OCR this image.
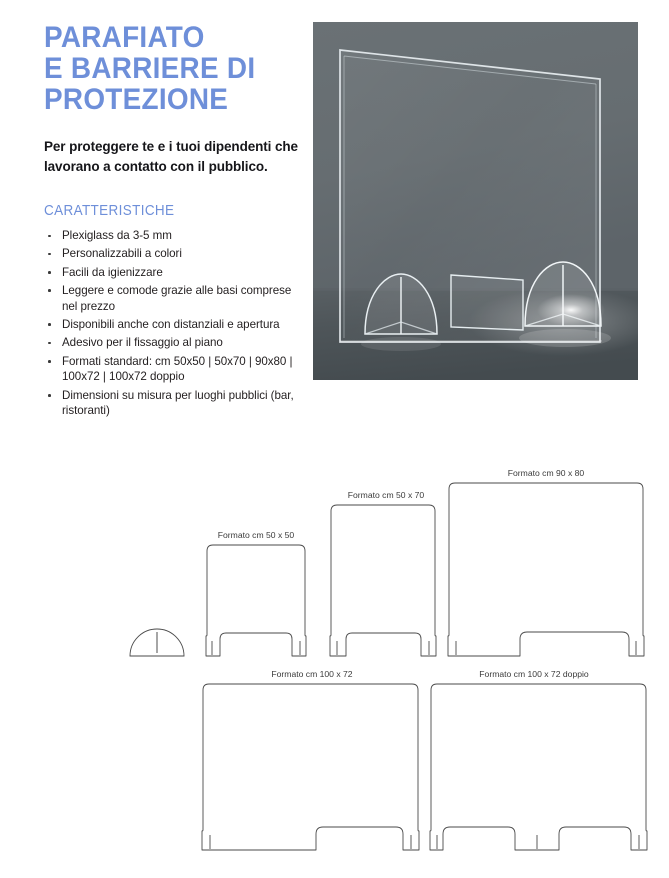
PARAFIATO
E BARRIERE DI
PROTEZIONE

Per proteggere te e i tuoi dipendenti che lavorano a contatto con il pubblico.

CARATTERISTICHE

Plexiglass da 3-5 mm
Personalizzabili a colori
Facili da igienizzare
Leggere e comode grazie alle basi comprese nel prezzo
Disponibili anche con distanziali e apertura
Adesivo per il fissaggio al piano
Formati standard: cm 50x50 | 50x70 | 90x80 | 100x72 | 100x72 doppio
Dimensioni su misura per luoghi pubblici (bar, ristoranti)
Formato cm 50 x 50
Formato cm 50 x 70
Formato cm 90 x 80
Formato cm 100 x 72	Formato cm 100 x 72 doppio
